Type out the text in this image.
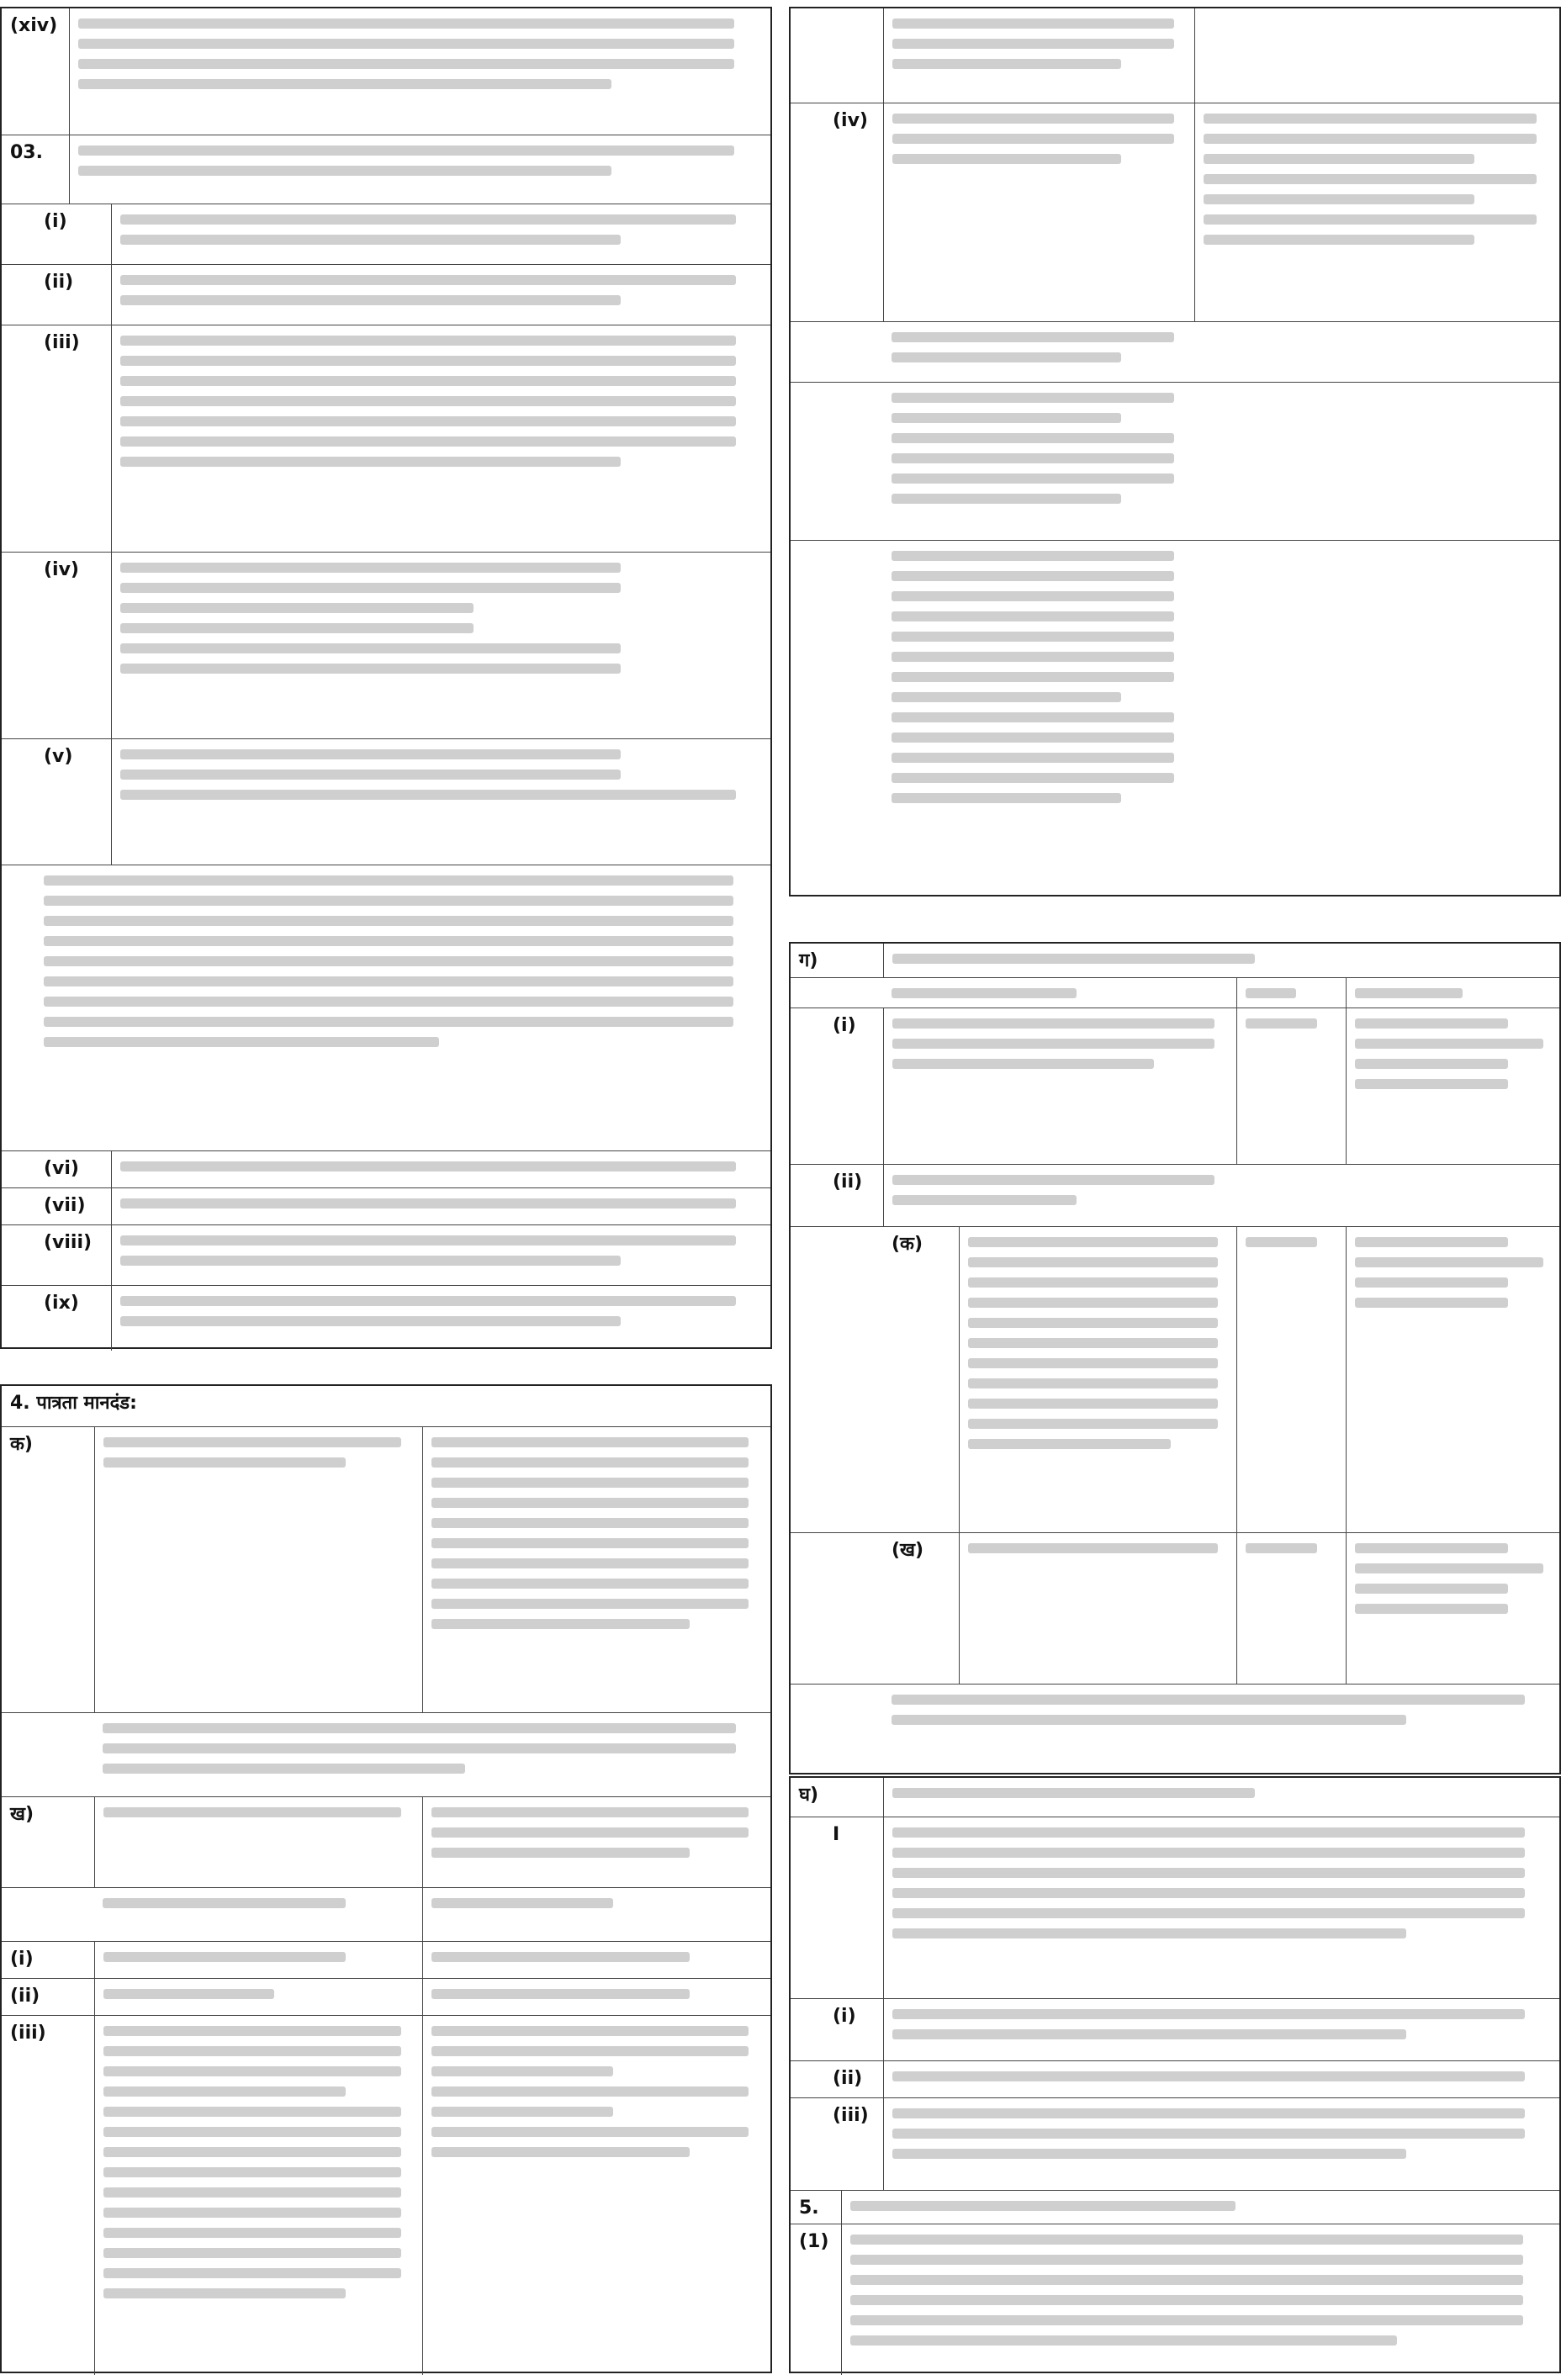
(xiv)
03.
(i)
(ii)
(iii)
(iv)
(v)
(vi)
(vii)
(viii)
(ix)
4. पात्रता मानदंड:
क)
ख)
(i)
(ii)
(iii)
(iv)
ग)
(i)
(ii)
(क)
(ख)
घ)
I
(i)
(ii)
(iii)
5.
(1)
